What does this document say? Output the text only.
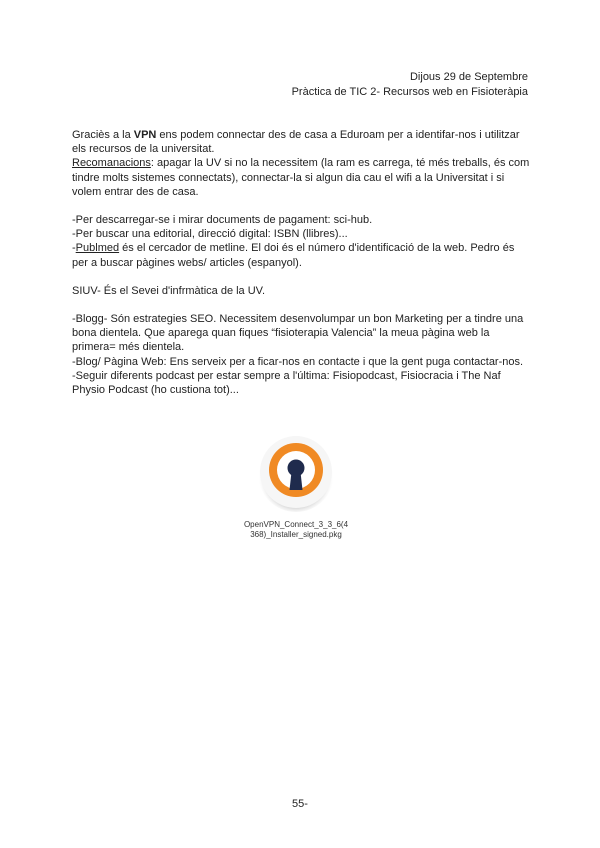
Dijous 29 de Septembre
Pràctica de TIC 2- Recursos web en Fisioteràpia

Graciès a la VPN ens podem connectar des de casa a Eduroam per a identifar-nos i utilitzar els recursos de la universitat.

Recomanacions: apagar la UV si no la necessitem (la ram es carrega, té més treballs, és com tindre molts sistemes connectats), connectar-la si algun dia cau el wifi a la Universitat i si volem entrar des de casa.

-Per descarregar-se i mirar documents de pagament: sci-hub.

-Per buscar una editorial, direcció digital: ISBN (llibres)...

-Publmed és el cercador de metline. El doi és el número d'identificació de la web. Pedro és per a buscar pàgines webs/ articles (espanyol).

SIUV- És el Sevei d'infrmàtica de la UV.

-Blogg- Són estrategies SEO. Necessitem desenvolumpar un bon Marketing per a tindre una bona dientela. Que aparega quan fiques “fisioterapia Valencia” la meua pàgina web la primera= més dientela.

-Blog/ Pàgina Web: Ens serveix per a ficar-nos en contacte i que la gent puga contactar-nos.

-Seguir diferents podcast per estar sempre a l'última: Fisiopodcast, Fisiocracia i The Naf Physio Podcast (ho custiona tot)...

OpenVPN_Connect_3_3_6(4
368)_Installer_signed.pkg
55-
